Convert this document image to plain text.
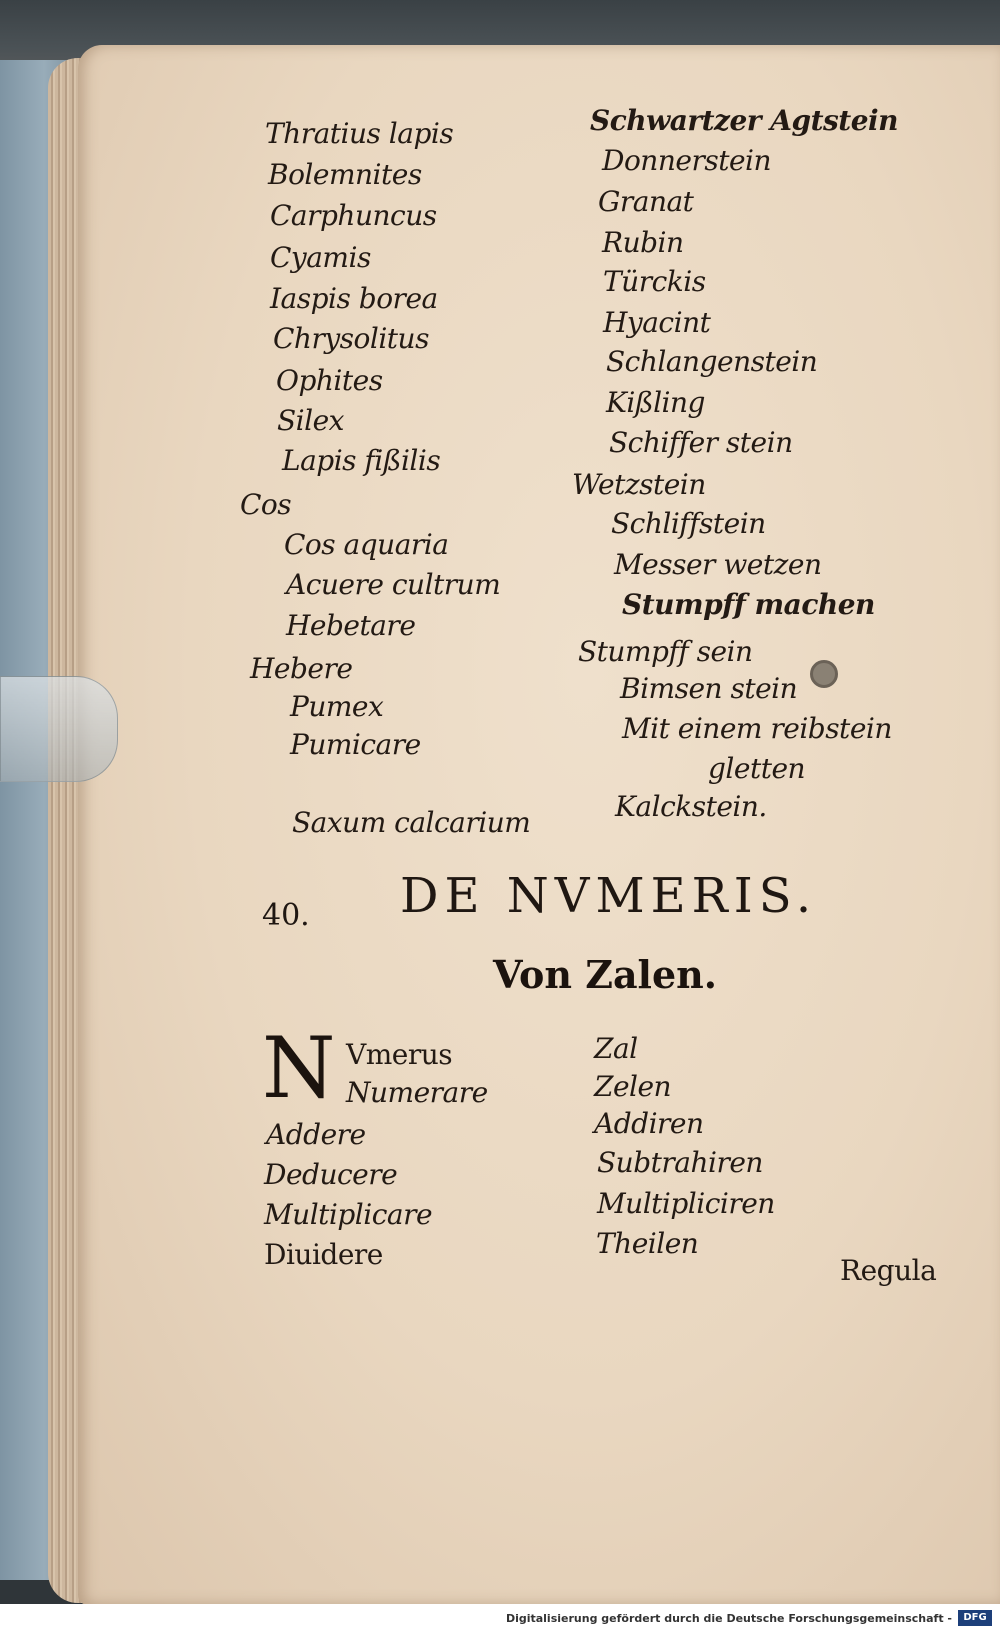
Thratius lapis
Bolemnites
Carphuncus
Cyamis
Iaspis borea
Chrysolitus
Ophites
Silex
Lapis fißilis
Cos
Cos aquaria
Acuere cultrum
Hebetare
Hebere
Pumex
Pumicare
Saxum calcarium
Schwartzer Agtstein
Donnerstein
Granat
Rubin
Türckis
Hyacint
Schlangenstein
Kißling
Schiffer stein
Wetzstein
Schliffstein
Messer wetzen
Stumpff machen
Stumpff sein
Bimsen stein
Mit einem reibstein
gletten
Kalckstein.
40. DE NVMERIS.
Von Zalen.
N Vmerus
Numerare
Addere
Deducere
Multiplicare
Diuidere
Zal
Zelen
Addiren
Subtrahiren
Multipliciren
Theilen
Regula
Digitalisierung gefördert durch die Deutsche Forschungsgemeinschaft -	DFG
